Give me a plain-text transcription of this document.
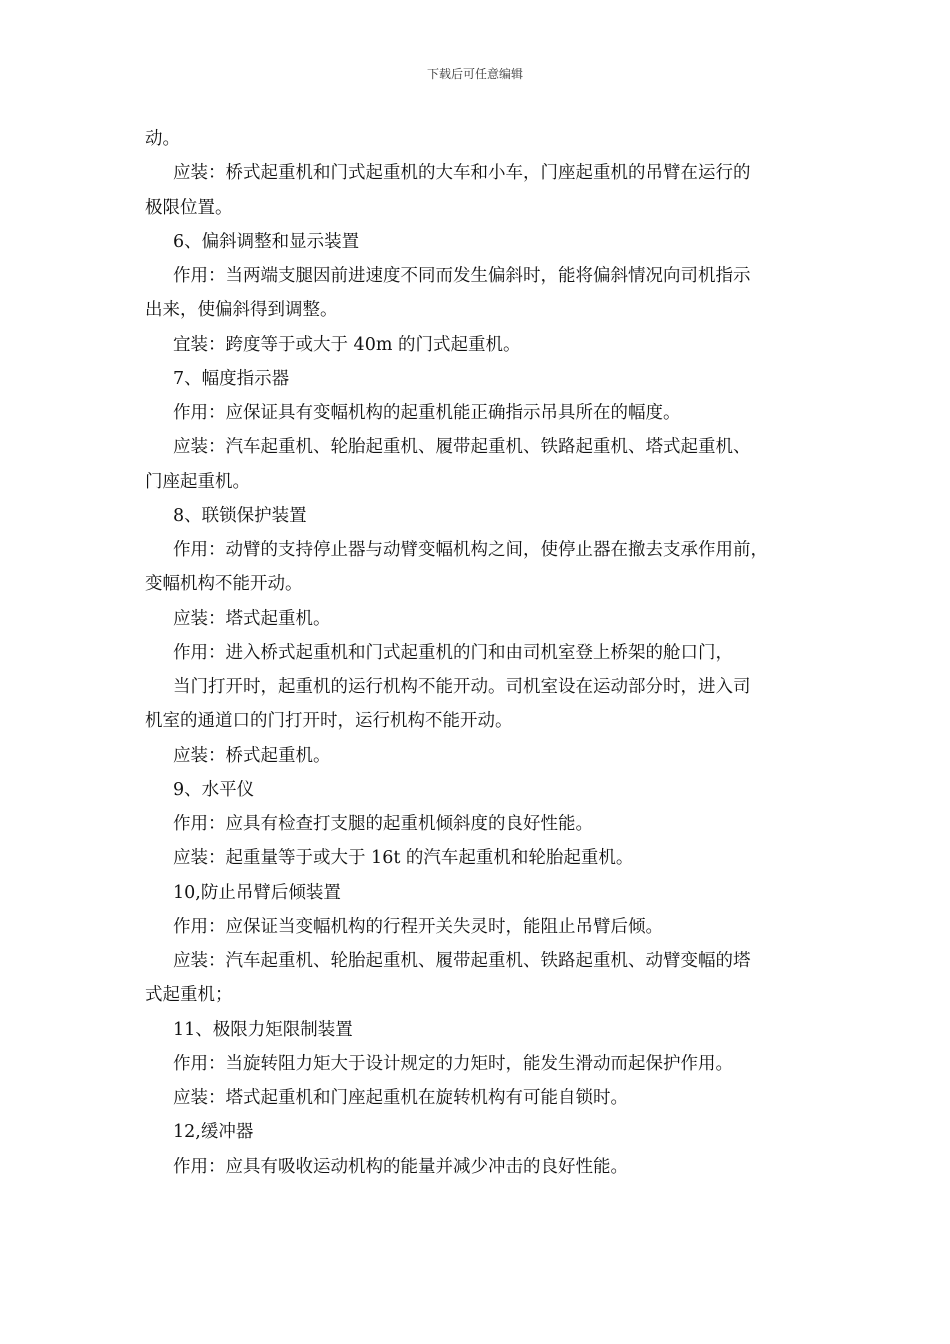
下载后可任意编辑
动。
应装：桥式起重机和门式起重机的大车和小车，门座起重机的吊臂在运行的
极限位置。
6、偏斜调整和显示装置
作用：当两端支腿因前进速度不同而发生偏斜时，能将偏斜情况向司机指示
出来，使偏斜得到调整。
宜装：跨度等于或大于 40m 的门式起重机。
7、幅度指示器
作用：应保证具有变幅机构的起重机能正确指示吊具所在的幅度。
应装：汽车起重机、轮胎起重机、履带起重机、铁路起重机、塔式起重机、
门座起重机。
8、联锁保护装置
作用：动臂的支持停止器与动臂变幅机构之间，使停止器在撤去支承作用前，
变幅机构不能开动。
应装：塔式起重机。
作用：进入桥式起重机和门式起重机的门和由司机室登上桥架的舱口门，
当门打开时，起重机的运行机构不能开动。司机室设在运动部分时，进入司
机室的通道口的门打开时，运行机构不能开动。
应装：桥式起重机。
9、水平仪
作用：应具有检查打支腿的起重机倾斜度的良好性能。
应装：起重量等于或大于 16t 的汽车起重机和轮胎起重机。
10,防止吊臂后倾装置
作用：应保证当变幅机构的行程开关失灵时，能阻止吊臂后倾。
应装：汽车起重机、轮胎起重机、履带起重机、铁路起重机、动臂变幅的塔
式起重机；
11、极限力矩限制装置
作用：当旋转阻力矩大于设计规定的力矩时，能发生滑动而起保护作用。
应装：塔式起重机和门座起重机在旋转机构有可能自锁时。
12,缓冲器
作用：应具有吸收运动机构的能量并减少冲击的良好性能。
